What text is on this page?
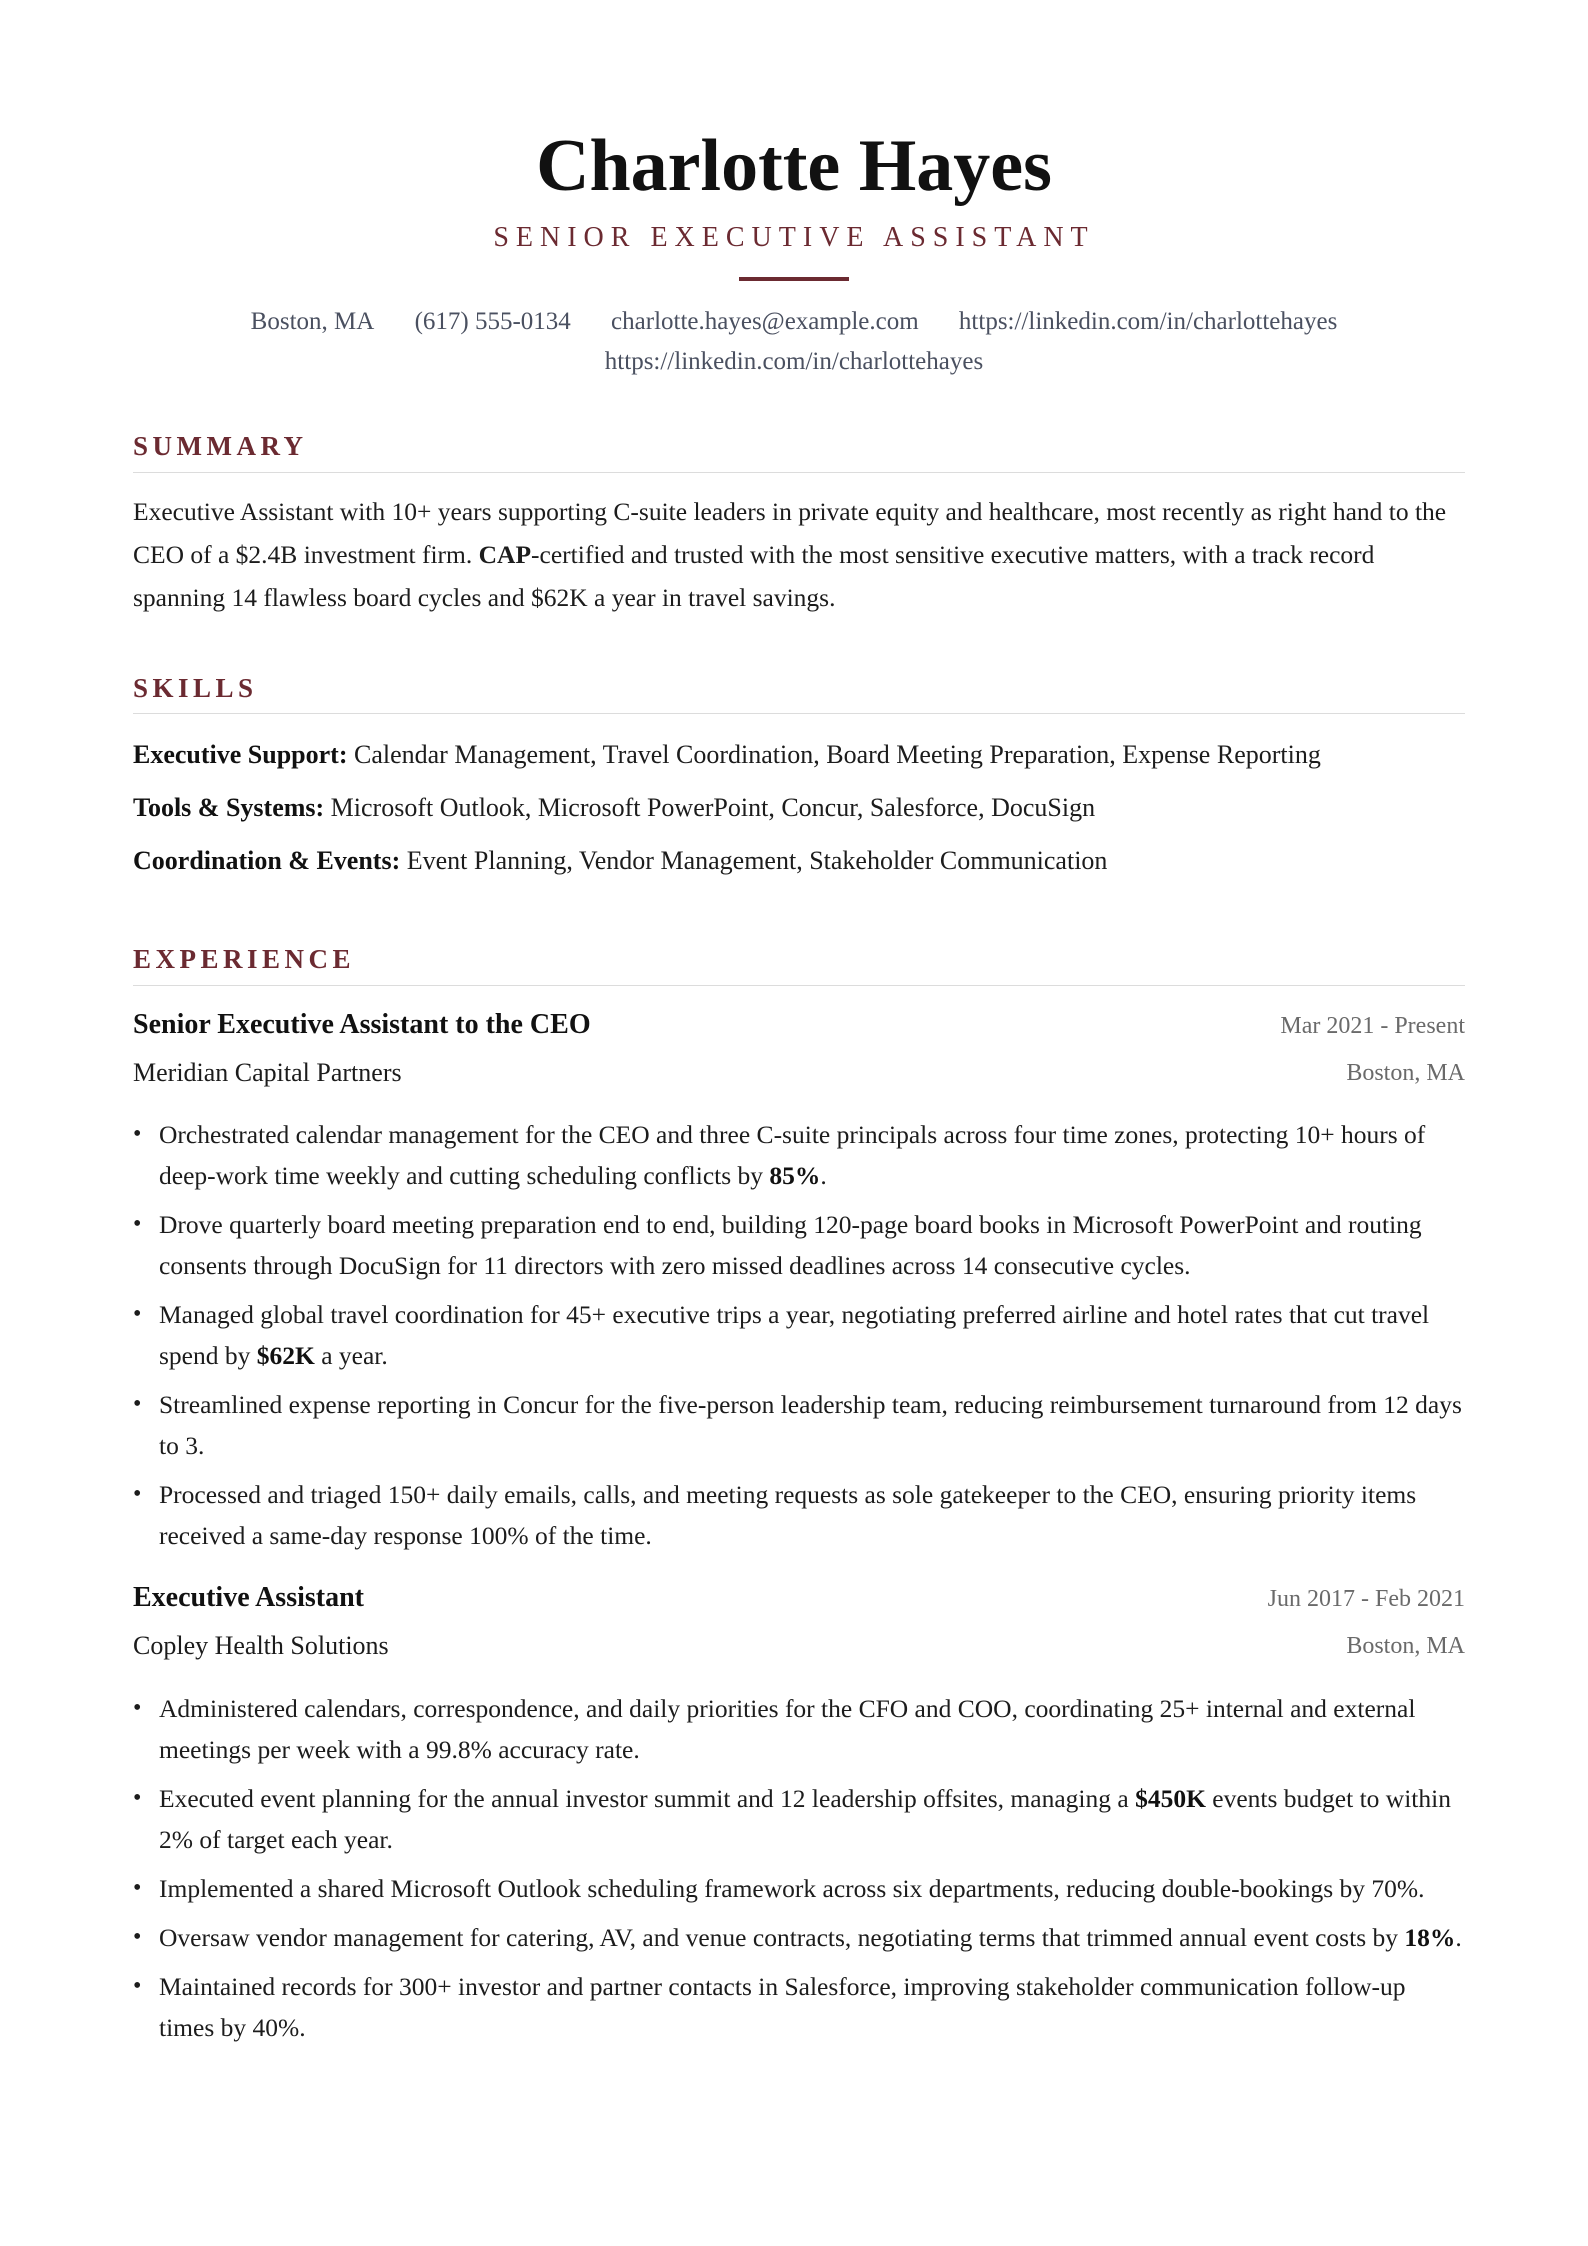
Charlotte Hayes
SENIOR EXECUTIVE ASSISTANT
Boston, MA (617) 555-0134 charlotte.hayes@example.com https://linkedin.com/in/charlottehayes
https://linkedin.com/in/charlottehayes
SUMMARY
Executive Assistant with 10+ years supporting C-suite leaders in private equity and healthcare, most recently as right hand to the CEO of a $2.4B investment firm. CAP-certified and trusted with the most sensitive executive matters, with a track record spanning 14 flawless board cycles and $62K a year in travel savings.
SKILLS
Executive Support: Calendar Management, Travel Coordination, Board Meeting Preparation, Expense Reporting
Tools & Systems: Microsoft Outlook, Microsoft PowerPoint, Concur, Salesforce, DocuSign
Coordination & Events: Event Planning, Vendor Management, Stakeholder Communication
EXPERIENCE
Senior Executive Assistant to the CEO	Mar 2021 - Present
Meridian Capital Partners	Boston, MA
• Orchestrated calendar management for the CEO and three C-suite principals across four time zones, protecting 10+ hours of deep-work time weekly and cutting scheduling conflicts by 85%.
• Drove quarterly board meeting preparation end to end, building 120-page board books in Microsoft PowerPoint and routing consents through DocuSign for 11 directors with zero missed deadlines across 14 consecutive cycles.
• Managed global travel coordination for 45+ executive trips a year, negotiating preferred airline and hotel rates that cut travel spend by $62K a year.
• Streamlined expense reporting in Concur for the five-person leadership team, reducing reimbursement turnaround from 12 days to 3.
• Processed and triaged 150+ daily emails, calls, and meeting requests as sole gatekeeper to the CEO, ensuring priority items received a same-day response 100% of the time.
Executive Assistant	Jun 2017 - Feb 2021
Copley Health Solutions	Boston, MA
• Administered calendars, correspondence, and daily priorities for the CFO and COO, coordinating 25+ internal and external meetings per week with a 99.8% accuracy rate.
• Executed event planning for the annual investor summit and 12 leadership offsites, managing a $450K events budget to within 2% of target each year.
• Implemented a shared Microsoft Outlook scheduling framework across six departments, reducing double-bookings by 70%.
• Oversaw vendor management for catering, AV, and venue contracts, negotiating terms that trimmed annual event costs by 18%.
• Maintained records for 300+ investor and partner contacts in Salesforce, improving stakeholder communication follow-up times by 40%.
